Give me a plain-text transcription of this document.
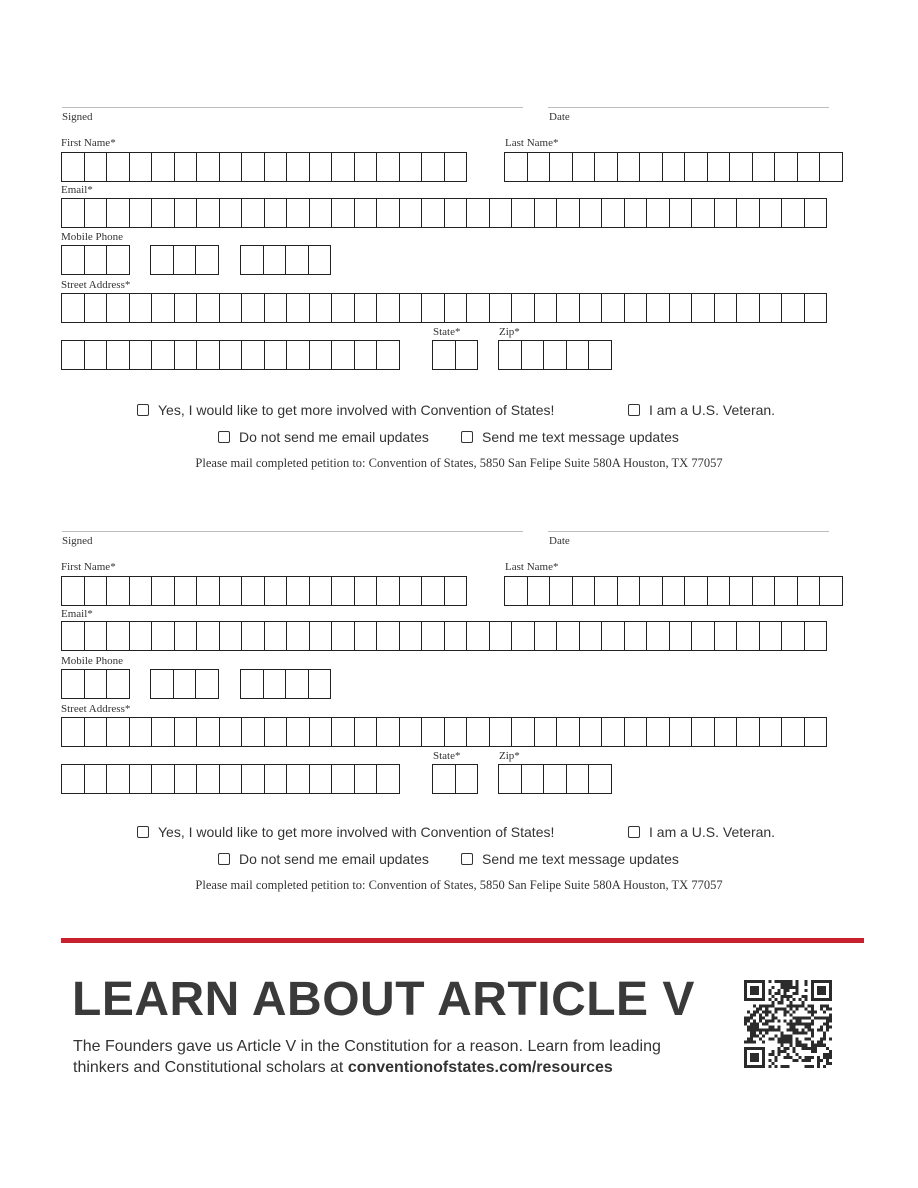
Signed	Date
First Name*	Last Name*
Email*
Mobile Phone
Street Address*
State*	Zip*
Yes, I would like to get more involved with Convention of States!	I am a U.S. Veteran.
Do not send me email updates	Send me text message updates
Please mail completed petition to: Convention of States, 5850 San Felipe Suite 580A Houston, TX 77057
Signed	Date
First Name*	Last Name*
Email*
Mobile Phone
Street Address*
State*	Zip*
Yes, I would like to get more involved with Convention of States!	I am a U.S. Veteran.
Do not send me email updates	Send me text message updates
Please mail completed petition to: Convention of States, 5850 San Felipe Suite 580A Houston, TX 77057
LEARN ABOUT ARTICLE V
The Founders gave us Article V in the Constitution for a reason. Learn from leading thinkers and Constitutional scholars at conventionofstates.com/resources
